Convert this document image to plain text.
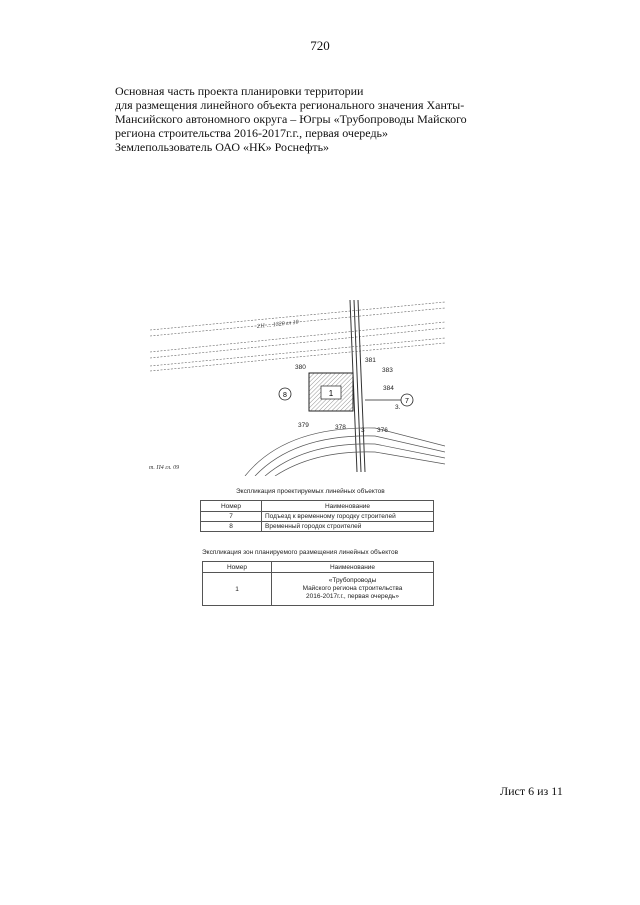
720
Основная часть проекта планировки территории
для размещения линейного объекта регионального значения Ханты-
Мансийского автономного округа – Югры «Трубопроводы Майского
региона строительства 2016-2017г.г., первая очередь»
Землепользователь ОАО «НК» Роснефть»
1
8
7
380
381
383
384
379	378	376
3
3.
211 ... 1320 гл 10
т. П4 гл. 09
Экспликация проектируемых линейных объектов
Номер	Наименование
7	Подъезд к временному городку строителей
8	Временный городок строителей
Экспликация зон планируемого размещения линейных объектов
Номер	Наименование
1	«Трубопроводы
Майского региона строительства
2016-2017г.г., первая очередь»
Лист 6 из 11
